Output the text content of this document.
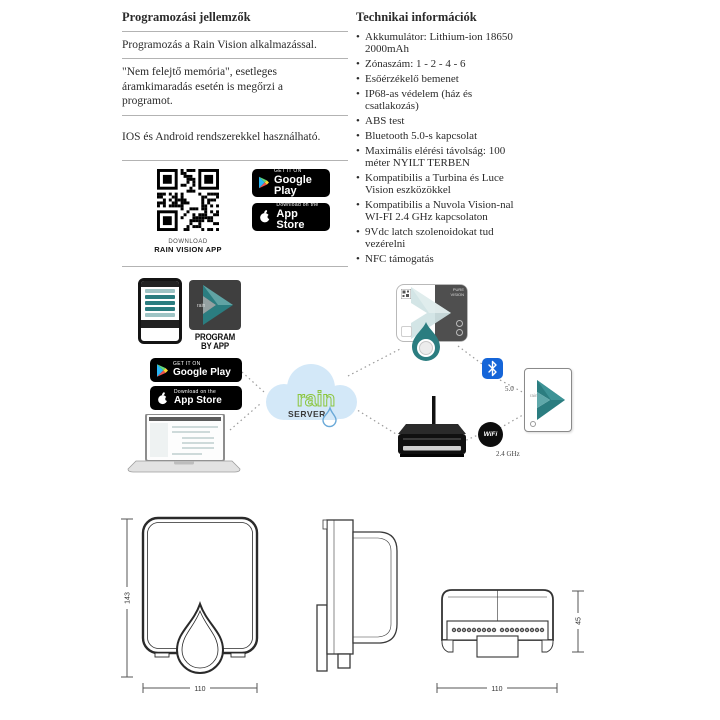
Programozási jellemzők
Programozás a Rain Vision alkalmazással.
"Nem felejtő memória", esetleges áramkimaradás esetén is megőrzi a programot.
IOS és Android rendszerekkel használható.
DOWNLOAD
RAIN VISION APP
GET IT ON
Google Play
Download on the
App Store
Technikai információk
• Akkumulátor: Lithium-ion 18650 2000mAh
• Zónaszám: 1 - 2 - 4 - 6
• Esőérzékelő bemenet
• IP68-as védelem (ház és csatlakozás)
• ABS test
• Bluetooth 5.0-s kapcsolat
• Maximális elérési távolság: 100 méter NYILT TERBEN
• Kompatibilis a Turbina és Luce Vision eszközökkel
• Kompatibilis a Nuvola Vision-nal WI-FI 2.4 GHz kapcsolaton
• 9Vdc latch szolenoidokat tud vezérelni
• NFC támogatás
rain
PROGRAM
BY APP
GET IT ON
Google Play
Download on the
App Store	rain
SERVER
PURE VISION
5.0
rain
WiFi
2.4 GHz
143
110
45
110
